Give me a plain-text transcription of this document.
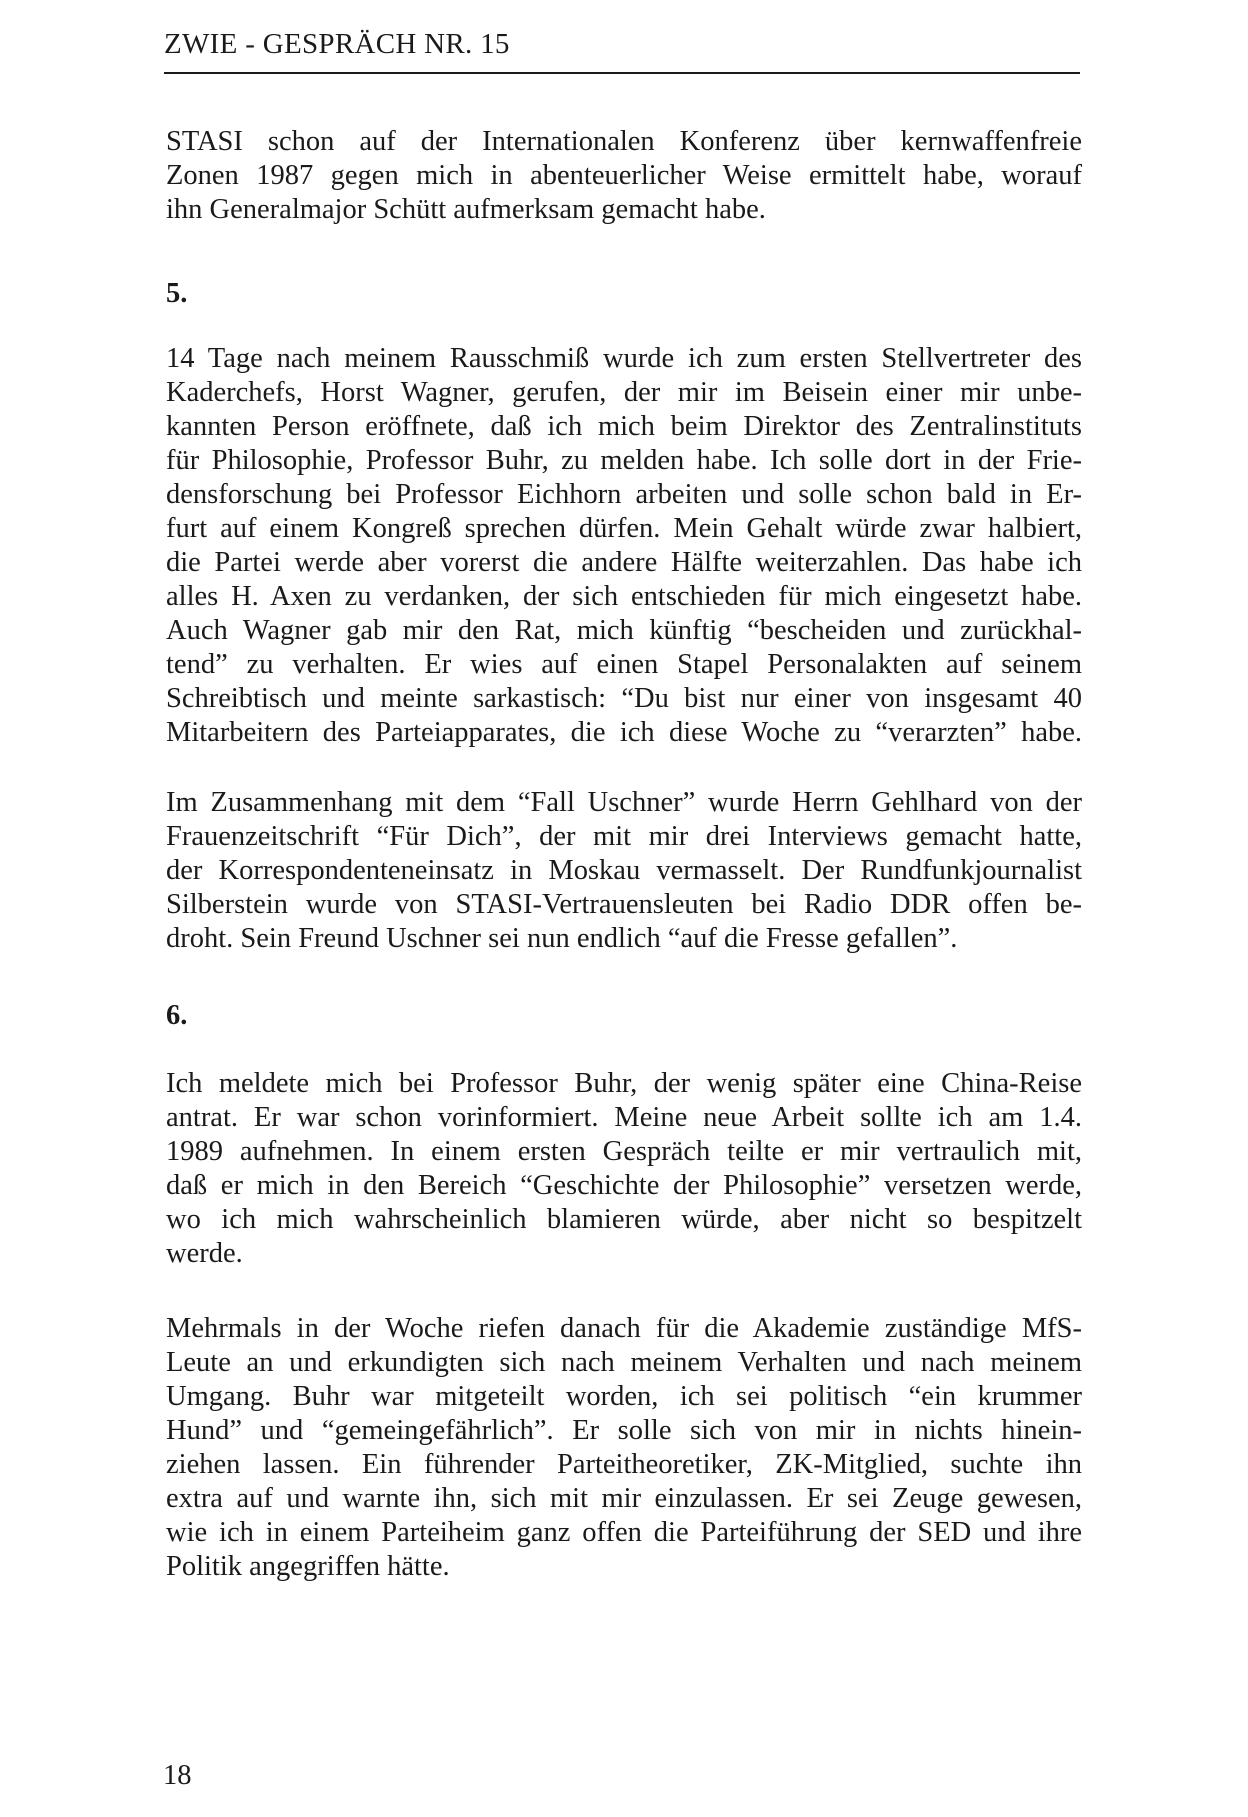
ZWIE - GESPRÄCH NR. 15
STASI schon auf der Internationalen Konferenz über kernwaffenfreie
Zonen 1987 gegen mich in abenteuerlicher Weise ermittelt habe, worauf
ihn Generalmajor Schütt aufmerksam gemacht habe.
5.
14 Tage nach meinem Rausschmiß wurde ich zum ersten Stellvertreter des
Kaderchefs, Horst Wagner, gerufen, der mir im Beisein einer mir unbe-
kannten Person eröffnete, daß ich mich beim Direktor des Zentralinstituts
für Philosophie, Professor Buhr, zu melden habe. Ich solle dort in der Frie-
densforschung bei Professor Eichhorn arbeiten und solle schon bald in Er-
furt auf einem Kongreß sprechen dürfen. Mein Gehalt würde zwar halbiert,
die Partei werde aber vorerst die andere Hälfte weiterzahlen. Das habe ich
alles H. Axen zu verdanken, der sich entschieden für mich eingesetzt habe.
Auch Wagner gab mir den Rat, mich künftig “bescheiden und zurückhal-
tend” zu verhalten. Er wies auf einen Stapel Personalakten auf seinem
Schreibtisch und meinte sarkastisch: “Du bist nur einer von insgesamt 40
Mitarbeitern des Parteiapparates, die ich diese Woche zu “verarzten” habe.
Im Zusammenhang mit dem “Fall Uschner” wurde Herrn Gehlhard von der
Frauenzeitschrift “Für Dich”, der mit mir drei Interviews gemacht hatte,
der Korrespondenteneinsatz in Moskau vermasselt. Der Rundfunkjournalist
Silberstein wurde von STASI-Vertrauensleuten bei Radio DDR offen be-
droht. Sein Freund Uschner sei nun endlich “auf die Fresse gefallen”.
6.
Ich meldete mich bei Professor Buhr, der wenig später eine China-Reise
antrat. Er war schon vorinformiert. Meine neue Arbeit sollte ich am 1.4.
1989 aufnehmen. In einem ersten Gespräch teilte er mir vertraulich mit,
daß er mich in den Bereich “Geschichte der Philosophie” versetzen werde,
wo ich mich wahrscheinlich blamieren würde, aber nicht so bespitzelt
werde.
Mehrmals in der Woche riefen danach für die Akademie zuständige MfS-
Leute an und erkundigten sich nach meinem Verhalten und nach meinem
Umgang. Buhr war mitgeteilt worden, ich sei politisch “ein krummer
Hund” und “gemeingefährlich”. Er solle sich von mir in nichts hinein-
ziehen lassen. Ein führender Parteitheoretiker, ZK-Mitglied, suchte ihn
extra auf und warnte ihn, sich mit mir einzulassen. Er sei Zeuge gewesen,
wie ich in einem Parteiheim ganz offen die Parteiführung der SED und ihre
Politik angegriffen hätte.
18
